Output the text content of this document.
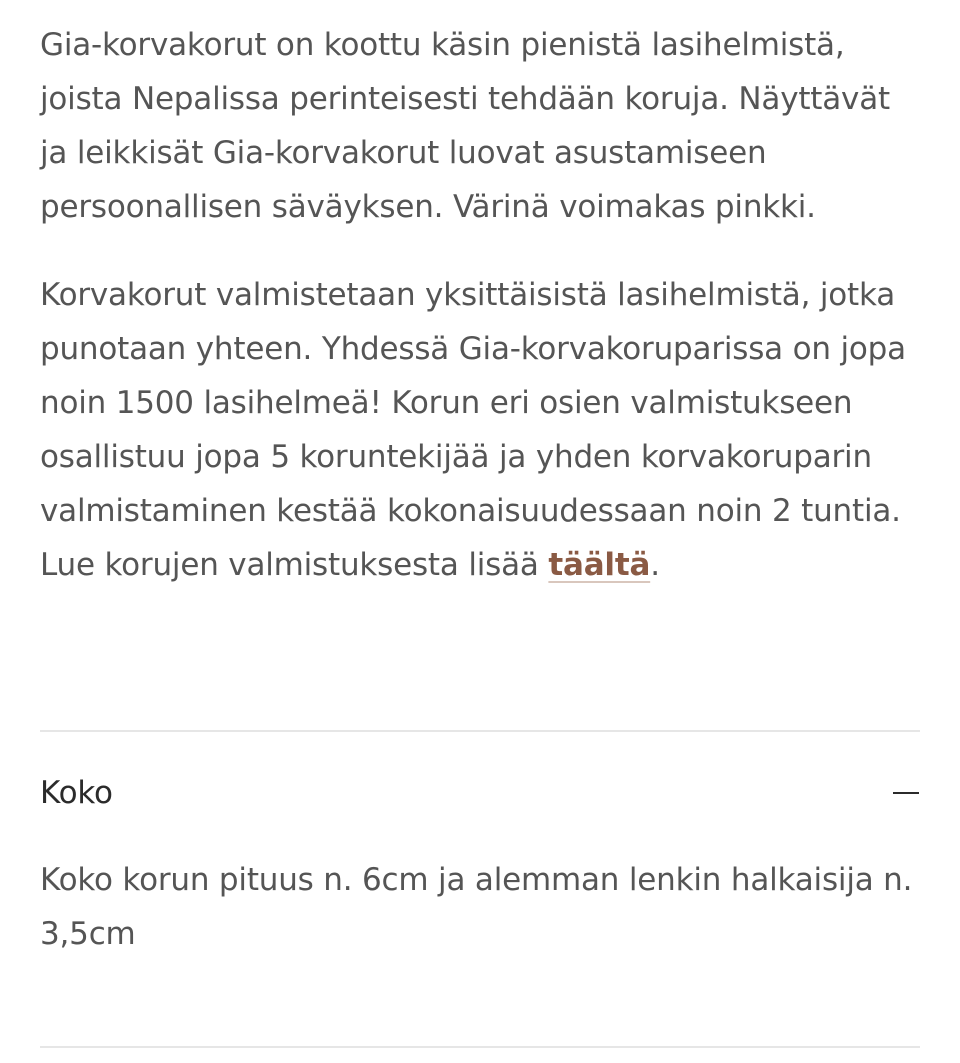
Gia-korvakorut on koottu käsin pienistä lasihelmistä, joista Nepalissa perinteisesti tehdään koruja. Näyttävät ja leikkisät Gia-korvakorut luovat asustamiseen persoonallisen säväyksen. Värinä voimakas pinkki.

Korvakorut valmistetaan yksittäisistä lasihelmistä, jotka punotaan yhteen. Yhdessä Gia-korvakoruparissa on jopa noin 1500 lasihelmeä! Korun eri osien valmistukseen osallistuu jopa 5 koruntekijää ja yhden korvakoruparin valmistaminen kestää kokonaisuudessaan noin 2 tuntia. Lue korujen valmistuksesta lisää täältä.

Koko

Koko korun pituus n. 6cm ja alemman lenkin halkaisija n. 3,5cm
